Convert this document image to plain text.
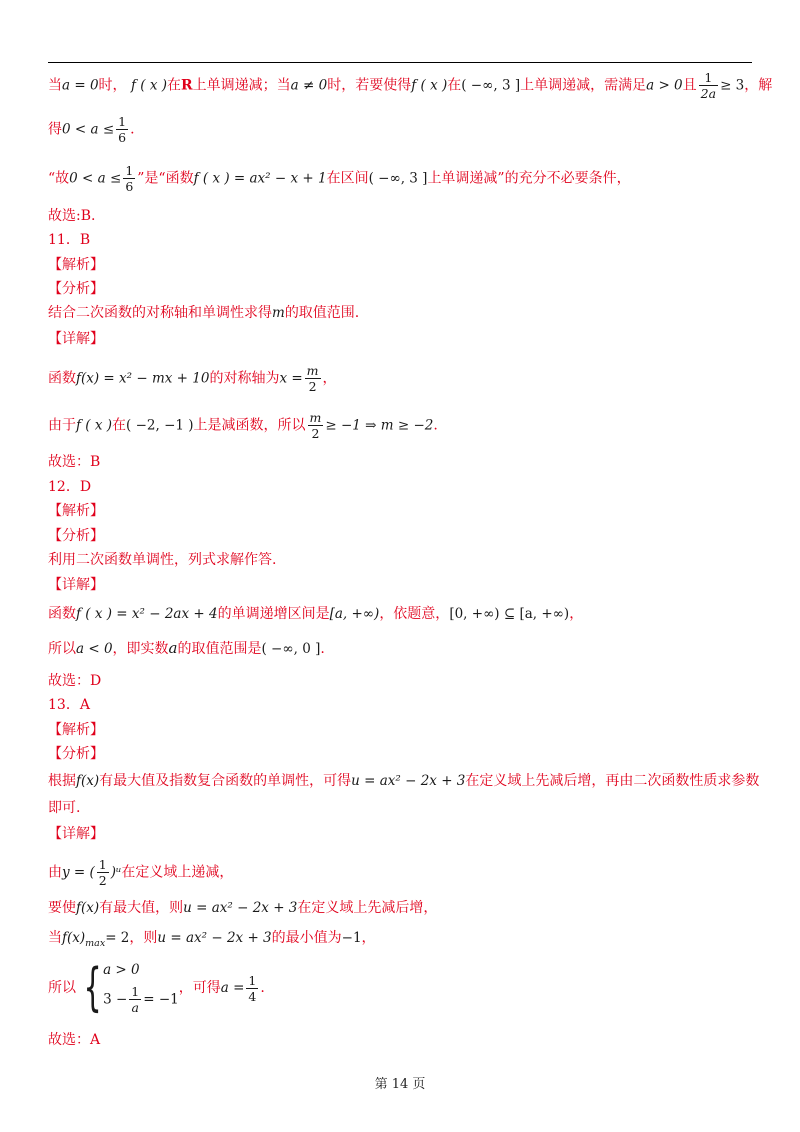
当a = 0时， f ( x )在R上单调递减；当a ≠ 0时，若要使得f ( x )在( −∞, 3 ]上单调递减，需满足a > 0且 $\frac{1}{2a} \ge 3$，解
得$0 < a \le \frac{1}{6}$ .
“故$0 < a \le \frac{1}{6}$ ”是“函数f ( x ) = ax² − x + 1在区间( −∞, 3 ]上单调递减”的充分不必要条件，
故选:B.
11．B
【解析】
【分析】
结合二次函数的对称轴和单调性求得m的取值范围.
【详解】
函数f(x) = x² − mx + 10的对称轴为$x = \frac{m}{2}$ ，
由于f ( x )在( −2, −1 )上是减函数，所以 $\frac{m}{2} \ge -1$ ⇒ m ≥ −2.
故选：B
12．D
【解析】
【分析】
利用二次函数单调性，列式求解作答.
【详解】
函数f ( x ) = x² − 2ax + 4的单调递增区间是[a, +∞)，依题意，[0, +∞) ⊆ [a, +∞)，
所以a < 0，即实数a的取值范围是( −∞, 0 ].
故选：D
13．A
【解析】
【分析】
根据f(x)有最大值及指数复合函数的单调性，可得u = ax² − 2x + 3在定义域上先减后增，再由二次函数性质求参数
即可.
【详解】
由y = ( $\frac{1}{2}$ )ᵘ在定义域上递减，
要使f(x)有最大值，则u = ax² − 2x + 3在定义域上先减后增，
当$f(x)_{max}= 2$，则u = ax² − 2x + 3的最小值为−1，
所以 { a > 0
$3 - \frac{1}{a} = -1$
，可得$a = \frac{1}{4}$ .
故选：A
第 14 页
